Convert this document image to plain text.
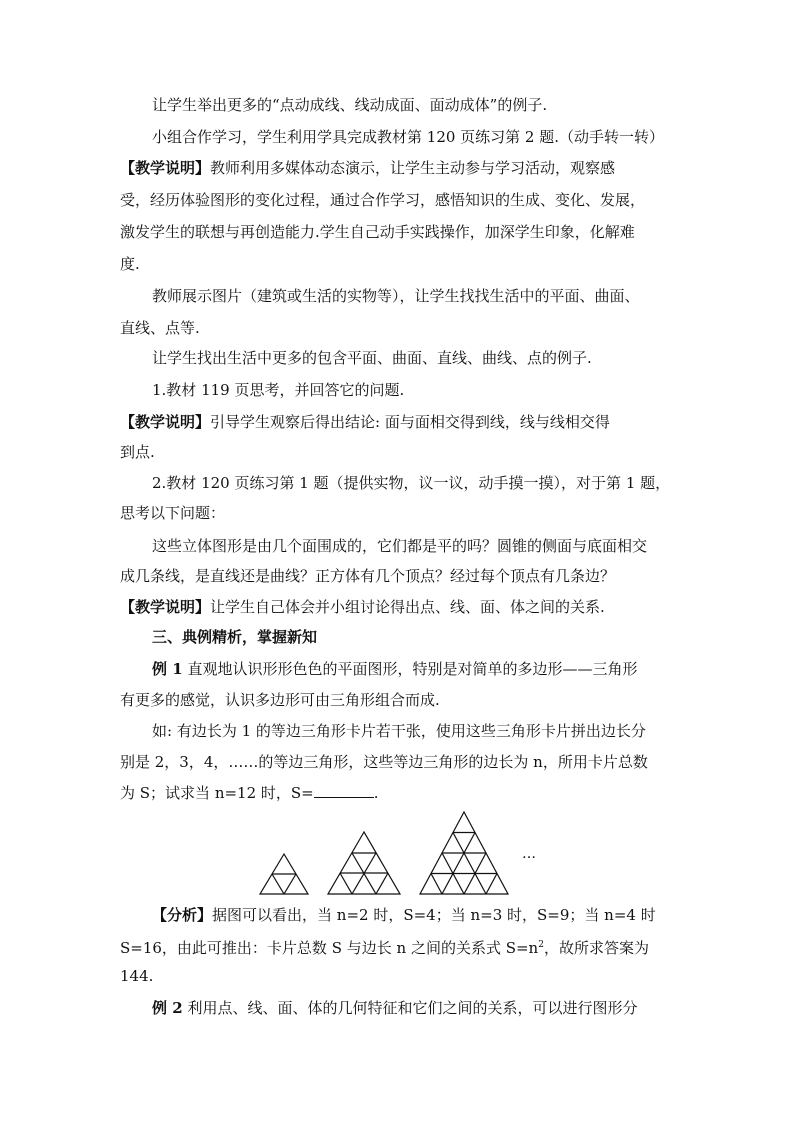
让学生举出更多的“点动成线、线动成面、面动成体”的例子.
小组合作学习，学生利用学具完成教材第 120 页练习第 2 题.（动手转一转）
【教学说明】教师利用多媒体动态演示，让学生主动参与学习活动，观察感
受，经历体验图形的变化过程，通过合作学习，感悟知识的生成、变化、发展，
激发学生的联想与再创造能力.学生自己动手实践操作，加深学生印象，化解难
度.
教师展示图片（建筑或生活的实物等），让学生找找生活中的平面、曲面、
直线、点等.
让学生找出生活中更多的包含平面、曲面、直线、曲线、点的例子.
1.教材 119 页思考，并回答它的问题.
【教学说明】引导学生观察后得出结论: 面与面相交得到线，线与线相交得
到点.
2.教材 120 页练习第 1 题（提供实物，议一议，动手摸一摸），对于第 1 题，
思考以下问题：
这些立体图形是由几个面围成的，它们都是平的吗？圆锥的侧面与底面相交
成几条线，是直线还是曲线？正方体有几个顶点？经过每个顶点有几条边？
【教学说明】让学生自己体会并小组讨论得出点、线、面、体之间的关系.
三、典例精析，掌握新知
例 1 直观地认识形形色色的平面图形，特别是对简单的多边形——三角形
有更多的感觉，认识多边形可由三角形组合而成.
如: 有边长为 1 的等边三角形卡片若干张，使用这些三角形卡片拼出边长分
别是 2，3，4，……的等边三角形，这些等边三角形的边长为 n，所用卡片总数
为 S；试求当 n=12 时，S=	.
…
【分析】据图可以看出，当 n=2 时，S=4；当 n=3 时，S=9；当 n=4 时
S=16，由此可推出：卡片总数 S 与边长 n 之间的关系式 $S=n^2$，故所求答案为
144.
例 2 利用点、线、面、体的几何特征和它们之间的关系，可以进行图形分
